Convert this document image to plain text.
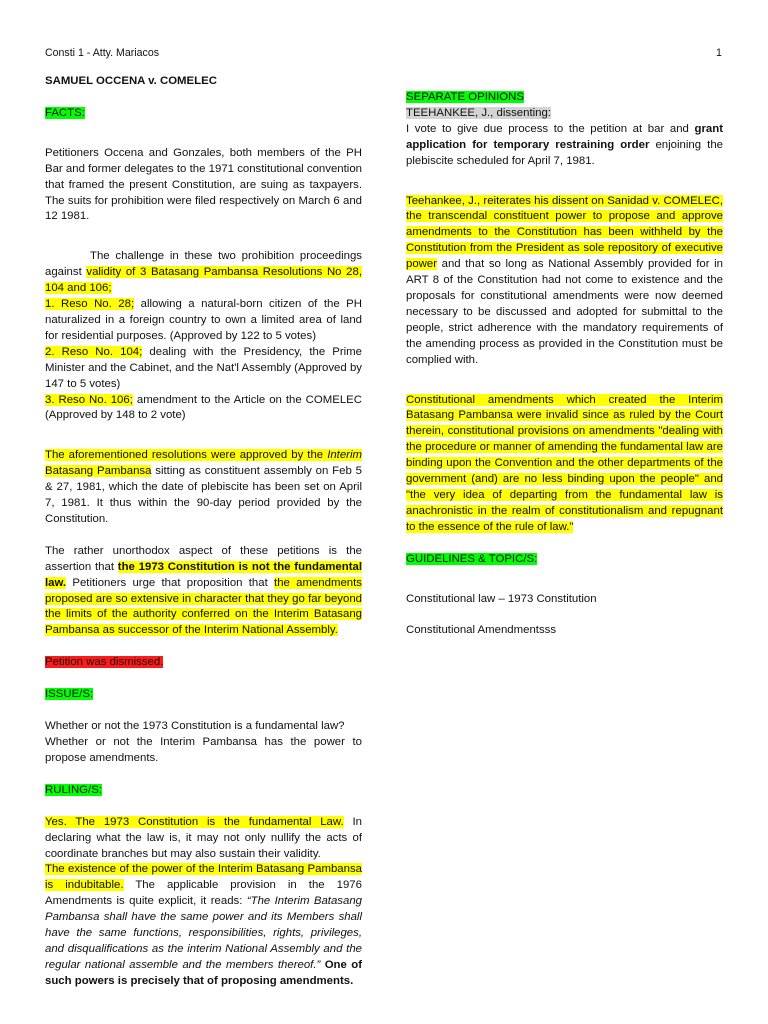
Consti 1 - Atty. Mariacos	1

SAMUEL OCCENA v. COMELEC

FACTS:

Petitioners Occena and Gonzales, both members of the PH Bar and former delegates to the 1971 constitutional convention that framed the present Constitution, are suing as taxpayers. The suits for prohibition were filed respectively on March 6 and 12 1981.

The challenge in these two prohibition proceedings against validity of 3 Batasang Pambansa Resolutions No 28, 104 and 106;

1. Reso No. 28; allowing a natural-born citizen of the PH naturalized in a foreign country to own a limited area of land for residential purposes. (Approved by 122 to 5 votes)

2. Reso No. 104; dealing with the Presidency, the Prime Minister and the Cabinet, and the Nat'l Assembly (Approved by 147 to 5 votes)

3. Reso No. 106; amendment to the Article on the COMELEC (Approved by 148 to 2 vote)

The aforementioned resolutions were approved by the Interim Batasang Pambansa sitting as constituent assembly on Feb 5 & 27, 1981, which the date of plebiscite has been set on April 7, 1981. It thus within the 90-day period provided by the Constitution.

The rather unorthodox aspect of these petitions is the assertion that the 1973 Constitution is not the fundamental law. Petitioners urge that proposition that the amendments proposed are so extensive in character that they go far beyond the limits of the authority conferred on the Interim Batasang Pambansa as successor of the Interim National Assembly.

Petition was dismissed.

ISSUE/S:

Whether or not the 1973 Constitution is a fundamental law?

Whether or not the Interim Pambansa has the power to propose amendments.

RULING/S:

Yes. The 1973 Constitution is the fundamental Law. In declaring what the law is, it may not only nullify the acts of coordinate branches but may also sustain their validity.

The existence of the power of the Interim Batasang Pambansa is indubitable. The applicable provision in the 1976 Amendments is quite explicit, it reads: “The Interim Batasang Pambansa shall have the same power and its Members shall have the same functions, responsibilities, rights, privileges, and disqualifications as the interim National Assembly and the regular national assemble and the members thereof.” One of such powers is precisely that of proposing amendments.

SEPARATE OPINIONS

TEEHANKEE, J., dissenting:

I vote to give due process to the petition at bar and grant application for temporary restraining order enjoining the plebiscite scheduled for April 7, 1981.

Teehankee, J., reiterates his dissent on Sanidad v. COMELEC, the transcendal constituent power to propose and approve amendments to the Constitution has been withheld by the Constitution from the President as sole repository of executive power and that so long as National Assembly provided for in ART 8 of the Constitution had not come to existence and the proposals for constitutional amendments were now deemed necessary to be discussed and adopted for submittal to the people, strict adherence with the mandatory requirements of the amending process as provided in the Constitution must be complied with.

Constitutional amendments which created the Interim Batasang Pambansa were invalid since as ruled by the Court therein, constitutional provisions on amendments "dealing with the procedure or manner of amending the fundamental law are binding upon the Convention and the other departments of the government (and) are no less binding upon the people" and "the very idea of departing from the fundamental law is anachronistic in the realm of constitutionalism and repugnant to the essence of the rule of law."

GUIDELINES & TOPIC/S:

Constitutional law – 1973 Constitution

Constitutional Amendmentsss
